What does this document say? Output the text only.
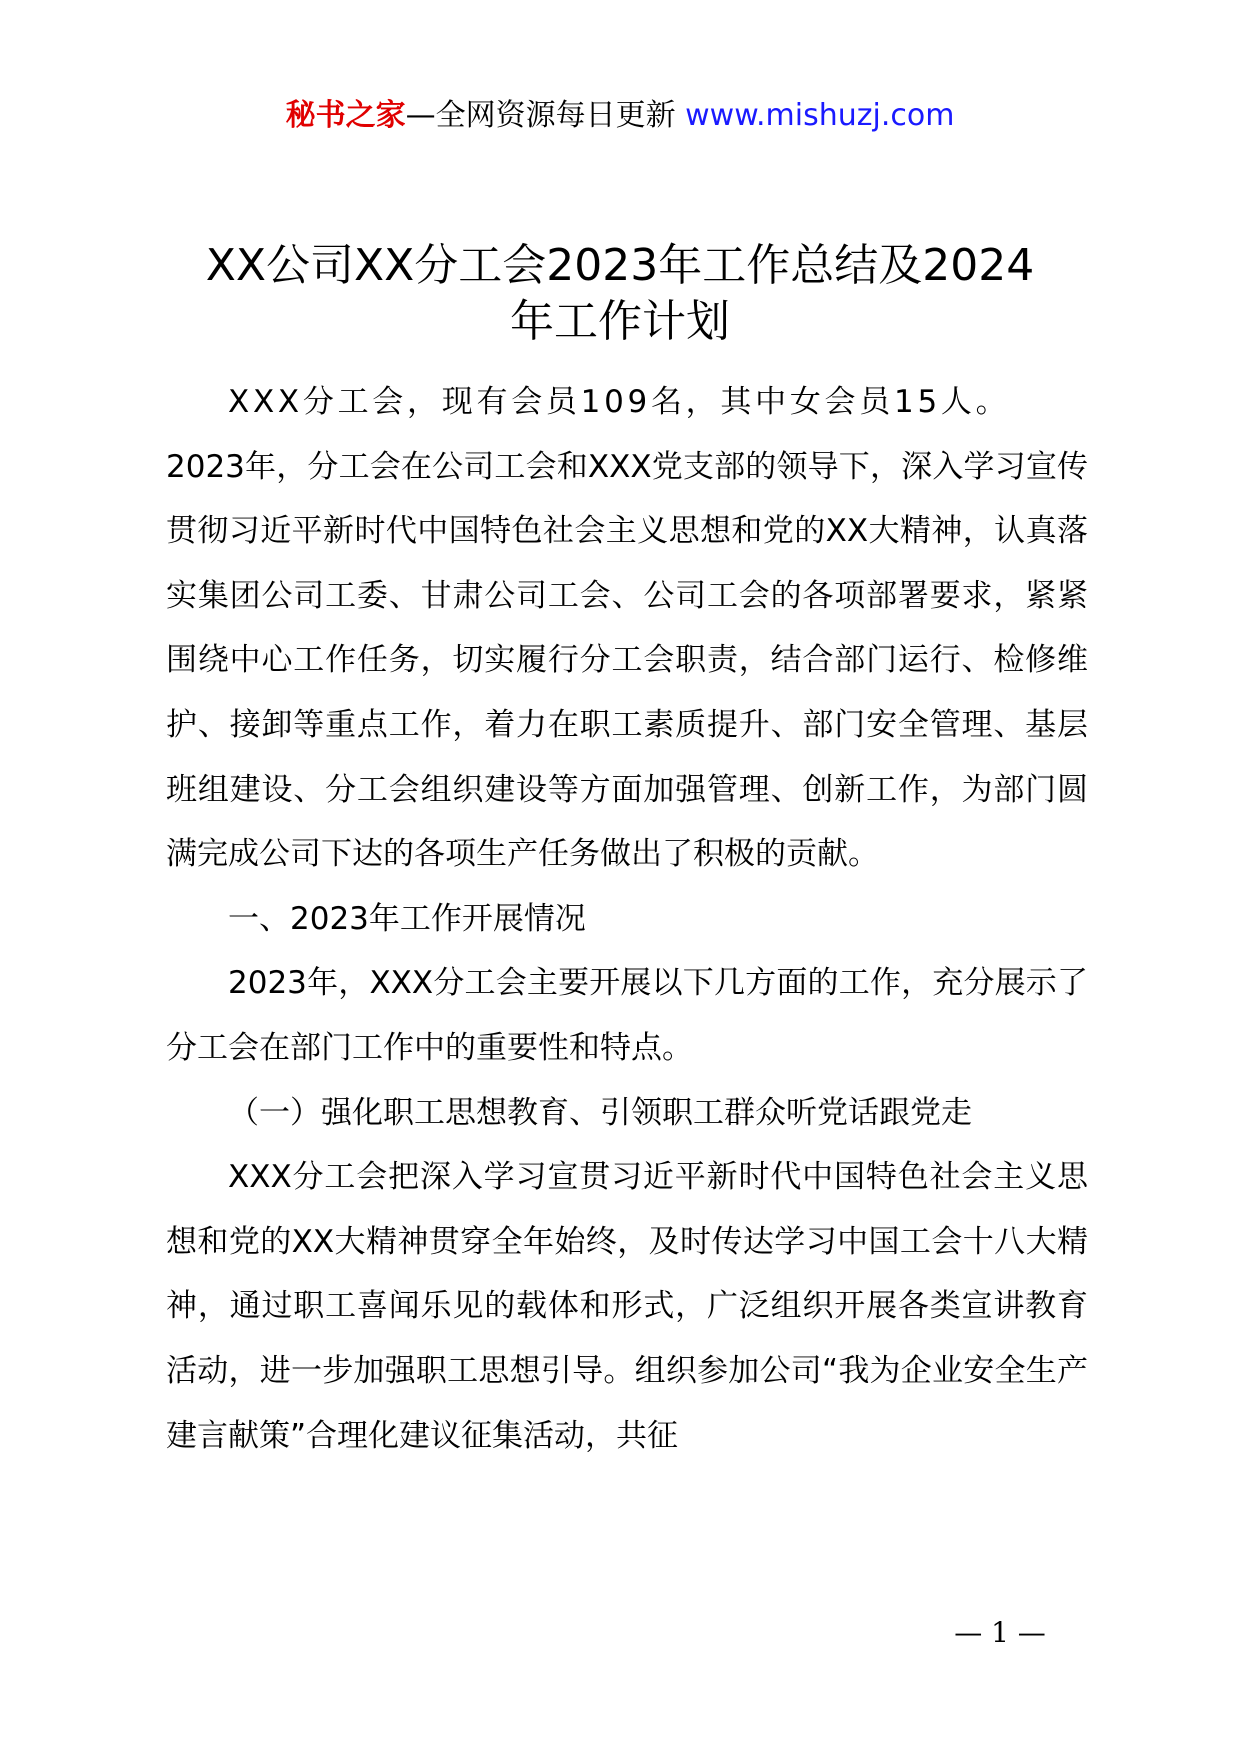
秘书之家—全网资源每日更新 www.mishuzj.com
XX公司XX分工会2023年工作总结及2024
年工作计划

XXX分工会，现有会员109名，其中女会员15人。

2023年，分工会在公司工会和XXX党支部的领导下，深入学习宣传贯彻习近平新时代中国特色社会主义思想和党的XX大精神，认真落实集团公司工委、甘肃公司工会、公司工会的各项部署要求，紧紧围绕中心工作任务，切实履行分工会职责，结合部门运行、检修维护、接卸等重点工作，着力在职工素质提升、部门安全管理、基层班组建设、分工会组织建设等方面加强管理、创新工作，为部门圆满完成公司下达的各项生产任务做出了积极的贡献。

一、2023年工作开展情况

2023年，XXX分工会主要开展以下几方面的工作，充分展示了分工会在部门工作中的重要性和特点。

（一）强化职工思想教育、引领职工群众听党话跟党走

XXX分工会把深入学习宣贯习近平新时代中国特色社会主义思想和党的XX大精神贯穿全年始终，及时传达学习中国工会十八大精神，通过职工喜闻乐见的载体和形式，广泛组织开展各类宣讲教育活动，进一步加强职工思想引导。组织参加公司“我为企业安全生产建言献策”合理化建议征集活动，共征

— 1 —
